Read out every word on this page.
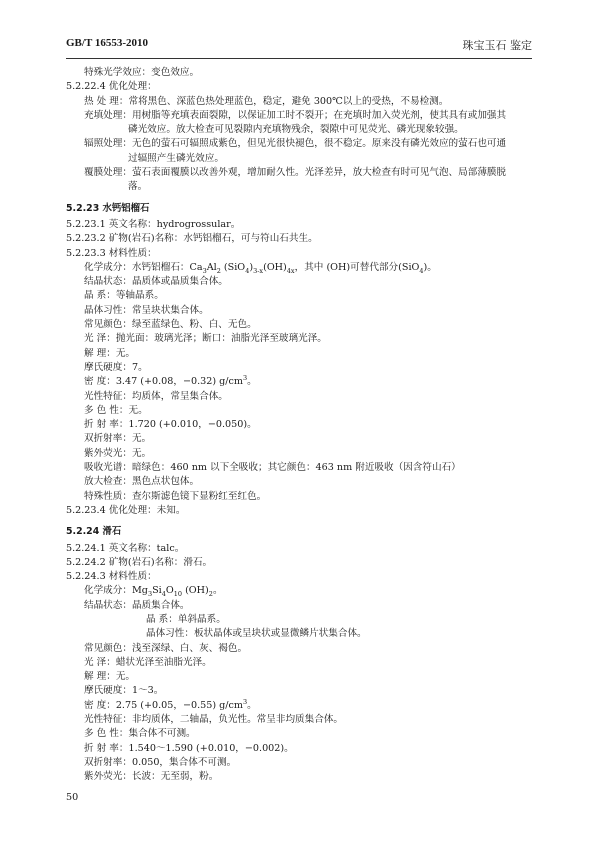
GB/T 16553-2010	珠宝玉石 鉴定
特殊光学效应：变色效应。
5.2.22.4 优化处理：
热 处 理： 常将黑色、深蓝色热处理蓝色，稳定，避免 300℃以上的受热，不易检测。
充填处理： 用树脂等充填表面裂隙，以保证加工时不裂开；在充填时加入荧光剂，使其具有或加强其
磷光效应。放大检查可见裂隙内充填物残余，裂隙中可见荧光、磷光现象较强。
辐照处理： 无色的萤石可辐照成紫色，但见光很快褪色，很不稳定。原来没有磷光效应的萤石也可通
过辐照产生磷光效应。
覆膜处理： 萤石表面覆膜以改善外观，增加耐久性。光泽差异，放大检查有时可见气泡、局部薄膜脱
落。
5.2.23 水钙铝榴石
5.2.23.1 英文名称：hydrogrossular。
5.2.23.2 矿物(岩石)名称：水钙铝榴石，可与符山石共生。
5.2.23.3 材料性质：
化学成分：水钙铝榴石：$Ca_3Al_2$ $(SiO_4)_{3-x}(OH)_{4x}$，其中 (OH)可替代部分(SiO$_4$)。
结晶状态：晶质体或晶质集合体。
晶 系：等轴晶系。
晶体习性：常呈块状集合体。
常见颜色：绿至蓝绿色、粉、白、无色。
光 泽：抛光面：玻璃光泽；断口：油脂光泽至玻璃光泽。
解 理：无。
摩氏硬度：7。
密 度：3.47 (+0.08，−0.32) $g/cm^3$。
光性特征：均质体，常呈集合体。
多 色 性：无。
折 射 率：1.720 (+0.010，−0.050)。
双折射率：无。
紫外荧光：无。
吸收光谱：暗绿色：460 nm 以下全吸收；其它颜色：463 nm 附近吸收（因含符山石）
放大检查：黑色点状包体。
特殊性质：查尔斯滤色镜下显粉红至红色。
5.2.23.4 优化处理：未知。
5.2.24 滑石
5.2.24.1 英文名称：talc。
5.2.24.2 矿物(岩石)名称：滑石。
5.2.24.3 材料性质：
化学成分：$Mg_3Si_4O_{10}$ $(OH)_2$。
结晶状态：晶质集合体。
晶 系：单斜晶系。
晶体习性：板状晶体或呈块状或显微鳞片状集合体。
常见颜色：浅至深绿、白、灰、褐色。
光 泽：蜡状光泽至油脂光泽。
解 理：无。
摩氏硬度：1～3。
密 度：2.75 (+0.05，−0.55) $g/cm^3$。
光性特征：非均质体，二轴晶，负光性。常呈非均质集合体。
多 色 性：集合体不可测。
折 射 率：1.540～1.590 (+0.010，−0.002)。
双折射率：0.050，集合体不可测。
紫外荧光：长波：无至弱，粉。
50
